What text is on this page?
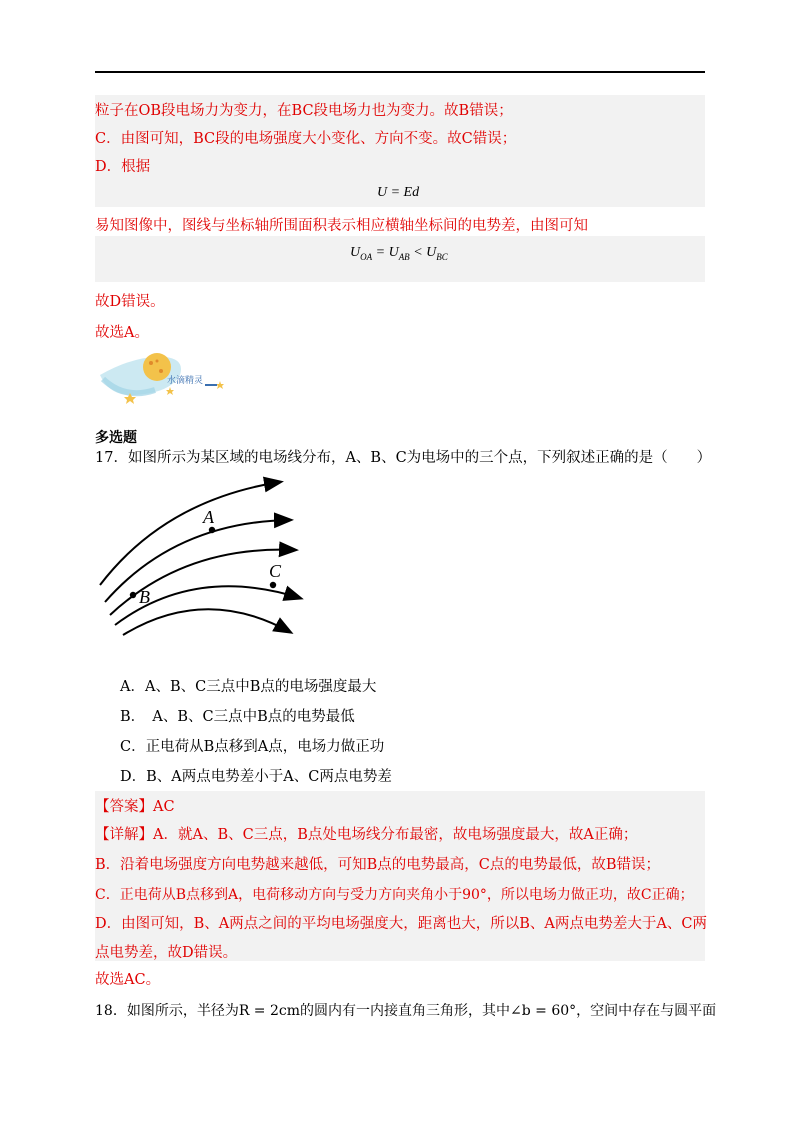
粒子在OB段电场力为变力，在BC段电场力也为变力。故B错误；
C．由图可知，BC段的电场强度大小变化、方向不变。故C错误；
D．根据
U = Ed
易知图像中，图线与坐标轴所围面积表示相应横轴坐标间的电势差，由图可知
$U_{OA} = U_{AB} < U_{BC}$
故D错误。
故选A。
水滴精灵
多选题
17．如图所示为某区域的电场线分布，A、B、C为电场中的三个点，下列叙述正确的是（　　）
A
B
C
A．A、B、C三点中B点的电场强度最大
B．　A、B、C三点中B点的电势最低
C．正电荷从B点移到A点，电场力做正功
D．B、A两点电势差小于A、C两点电势差
【答案】AC
【详解】A．就A、B、C三点，B点处电场线分布最密，故电场强度最大，故A正确；
B．沿着电场强度方向电势越来越低，可知B点的电势最高，C点的电势最低，故B错误；
C．正电荷从B点移到A，电荷移动方向与受力方向夹角小于90°，所以电场力做正功，故C正确；
D．由图可知，B、A两点之间的平均电场强度大，距离也大，所以B、A两点电势差大于A、C两
点电势差，故D错误。
故选AC。
18．如图所示，半径为R = 2cm的圆内有一内接直角三角形，其中∠b = 60°，空间中存在与圆平面
